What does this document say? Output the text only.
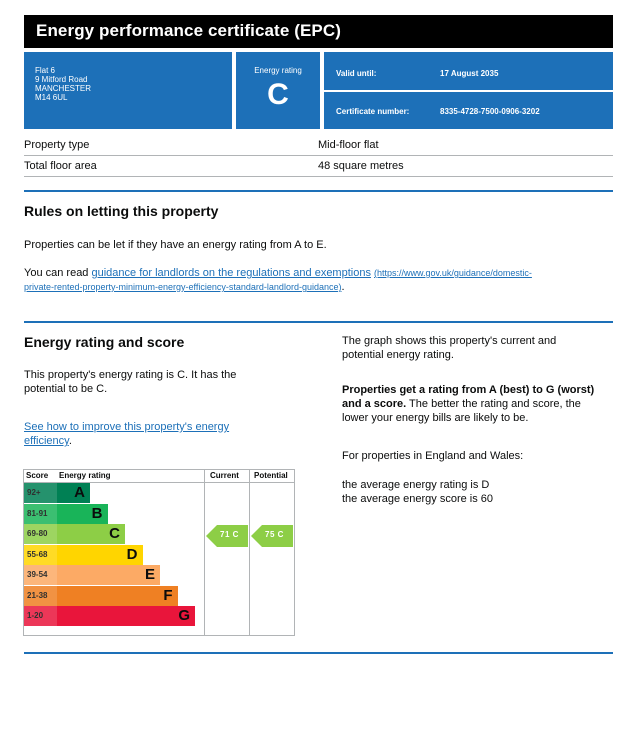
Energy performance certificate (EPC)
Flat 6
9 Mitford Road
MANCHESTER
M14 6UL
Energy rating
C
Valid until:	17 August 2035
Certificate number:	8335-4728-7500-0906-3202
Property type	Mid-floor flat
Total floor area	48 square metres
Rules on letting this property
Properties can be let if they have an energy rating from A to E.
You can read guidance for landlords on the regulations and exemptions (https://www.gov.uk/guidance/domestic-
private-rented-property-minimum-energy-efficiency-standard-landlord-guidance).
Energy rating and score
This property's energy rating is C. It has the
potential to be C.
See how to improve this property's energy
efficiency.
The graph shows this property's current and
potential energy rating.
Properties get a rating from A (best) to G (worst)
and a score. The better the rating and score, the
lower your energy bills are likely to be.
For properties in England and Wales:
the average energy rating is D
the average energy score is 60
Score Energy rating	Current Potential
92+	A
81-91	B
69-80	C
55-68	D
39-54	E
21-38	F
1-20	G
71 C	75 C
